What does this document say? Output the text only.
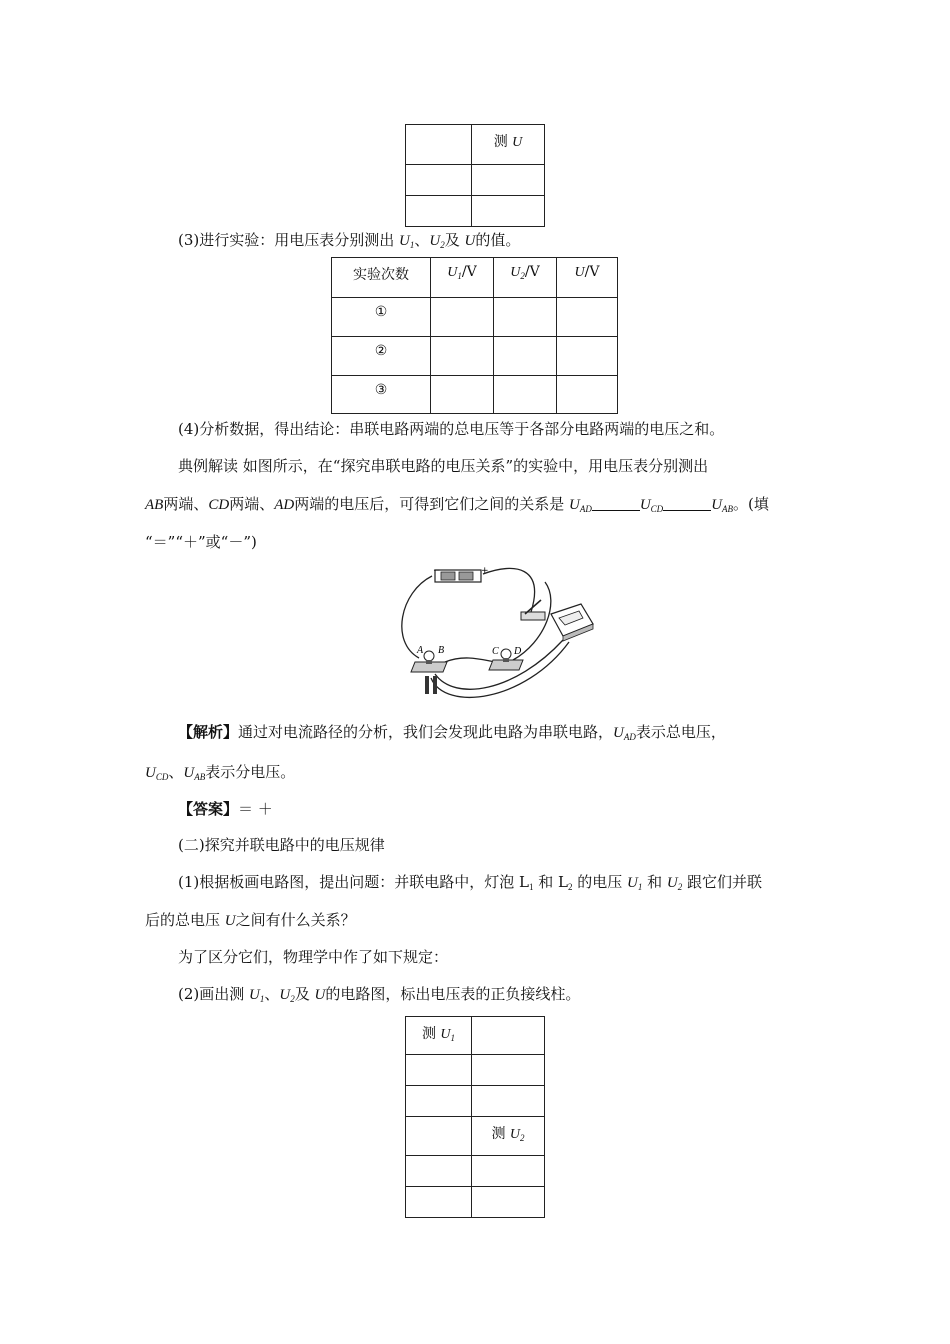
	测 U

(3)进行实验：用电压表分别测出 $U_1$、$U_2$及 U的值。
实验次数	$U_1/V$	$U_2/V$	U/V
①			
②			
③			
(4)分析数据，得出结论：串联电路两端的总电压等于各部分电路两端的电压之和。
典例解读 如图所示，在“探究串联电路的电压关系”的实验中，用电压表分别测出
AB两端、CD两端、AD两端的电压后，可得到它们之间的关系是 $U_{AD}$	$U_{CD}$	$U_{AB}$。(填
“＝”“＋”或“－”)
−	+
A B	C D
【解析】通过对电流路径的分析，我们会发现此电路为串联电路，$U_{AD}$表示总电压，
$U_{CD}$、$U_{AB}$表示分电压。
【答案】＝ ＋
(二)探究并联电路中的电压规律
(1)根据板画电路图，提出问题：并联电路中，灯泡 $L_1$ 和 $L_2$ 的电压 $U_1$ 和 $U_2$ 跟它们并联
后的总电压 U之间有什么关系？
为了区分它们，物理学中作了如下规定：
(2)画出测 $U_1$、$U_2$及 U的电路图，标出电压表的正负接线柱。
测 $U_1$	

	测 $U_2$
